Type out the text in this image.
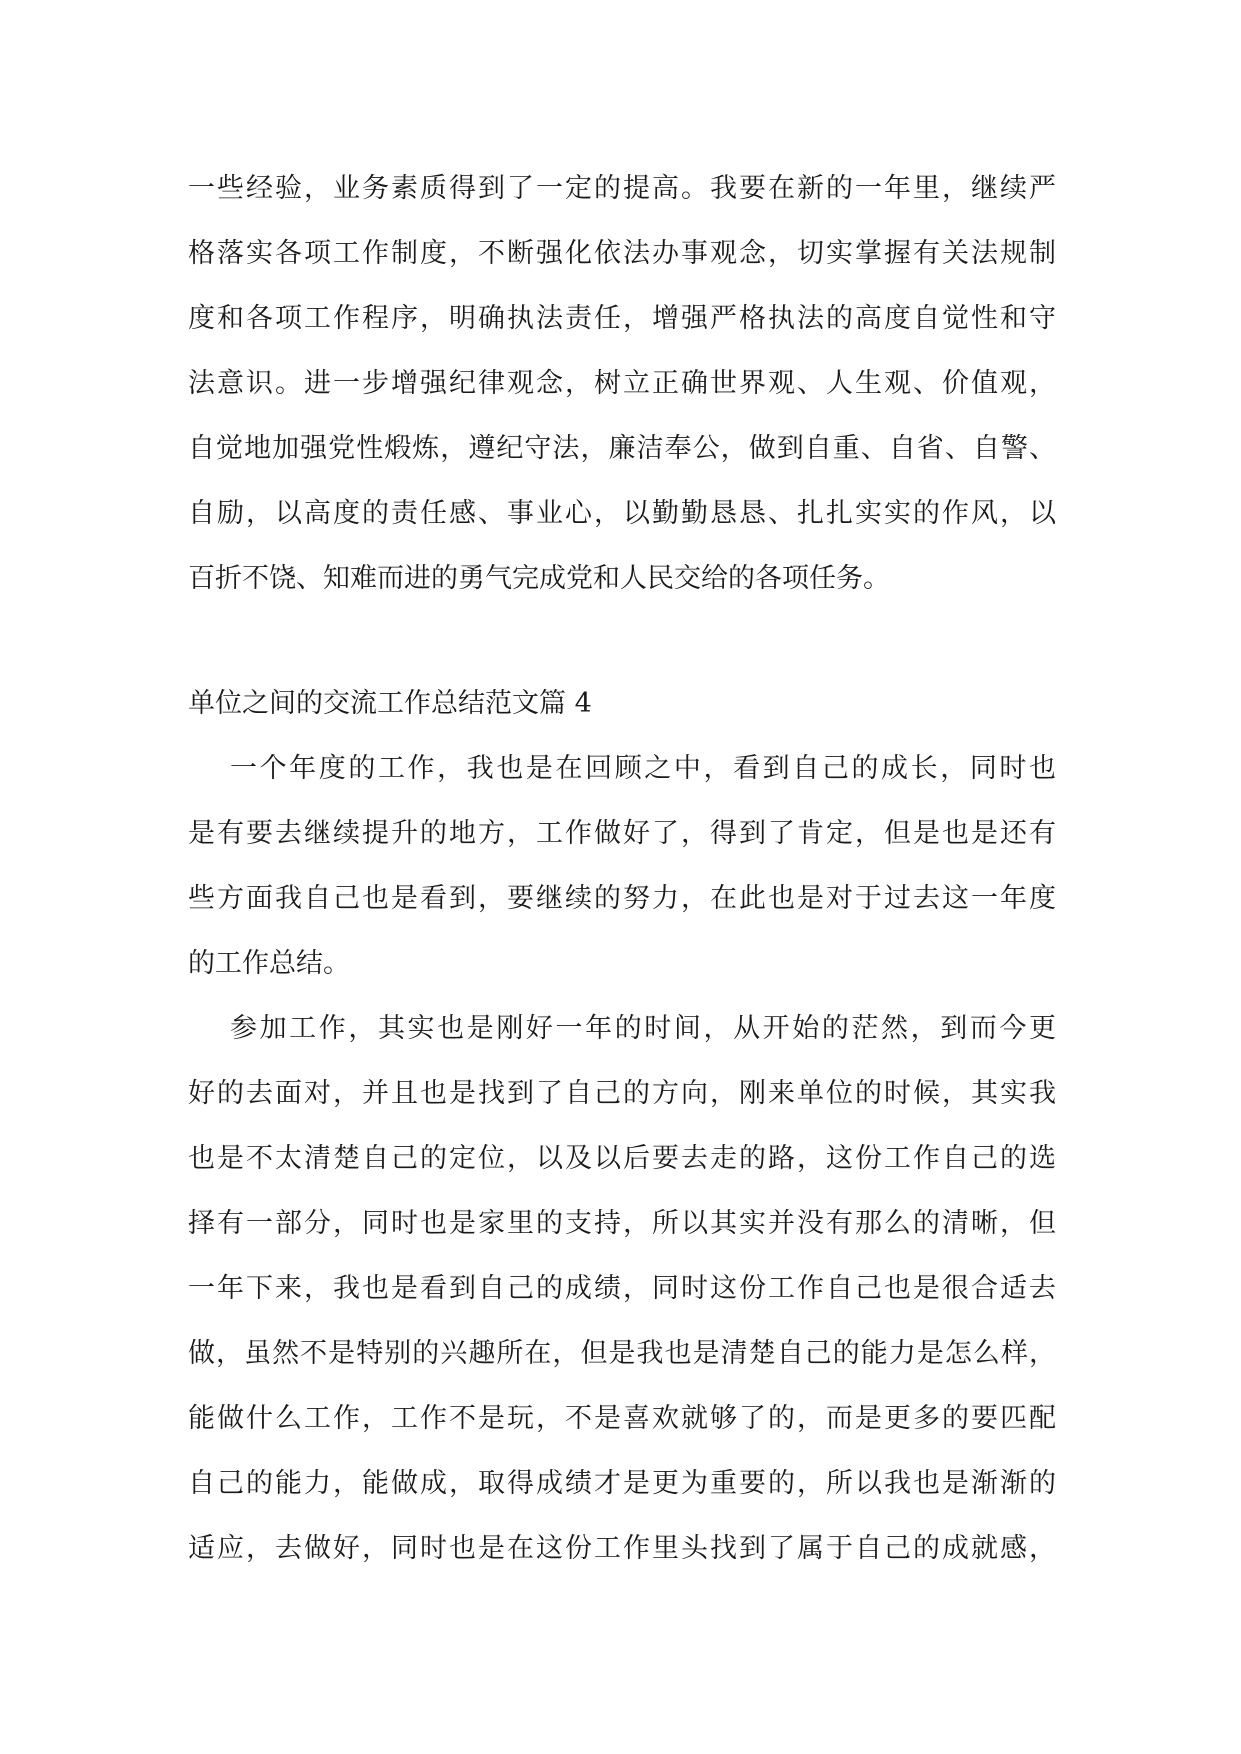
一些经验，业务素质得到了一定的提高。我要在新的一年里，继续严
格落实各项工作制度，不断强化依法办事观念，切实掌握有关法规制
度和各项工作程序，明确执法责任，增强严格执法的高度自觉性和守
法意识。进一步增强纪律观念，树立正确世界观、人生观、价值观，
自觉地加强党性煅炼，遵纪守法，廉洁奉公，做到自重、自省、自警、
自励，以高度的责任感、事业心，以勤勤恳恳、扎扎实实的作风，以
百折不饶、知难而进的勇气完成党和人民交给的各项任务。
单位之间的交流工作总结范文篇 4
一个年度的工作，我也是在回顾之中，看到自己的成长，同时也
是有要去继续提升的地方，工作做好了，得到了肯定，但是也是还有
些方面我自己也是看到，要继续的努力，在此也是对于过去这一年度
的工作总结。
参加工作，其实也是刚好一年的时间，从开始的茫然，到而今更
好的去面对，并且也是找到了自己的方向，刚来单位的时候，其实我
也是不太清楚自己的定位，以及以后要去走的路，这份工作自己的选
择有一部分，同时也是家里的支持，所以其实并没有那么的清晰，但
一年下来，我也是看到自己的成绩，同时这份工作自己也是很合适去
做，虽然不是特别的兴趣所在，但是我也是清楚自己的能力是怎么样，
能做什么工作，工作不是玩，不是喜欢就够了的，而是更多的要匹配
自己的能力，能做成，取得成绩才是更为重要的，所以我也是渐渐的
适应，去做好，同时也是在这份工作里头找到了属于自己的成就感，
